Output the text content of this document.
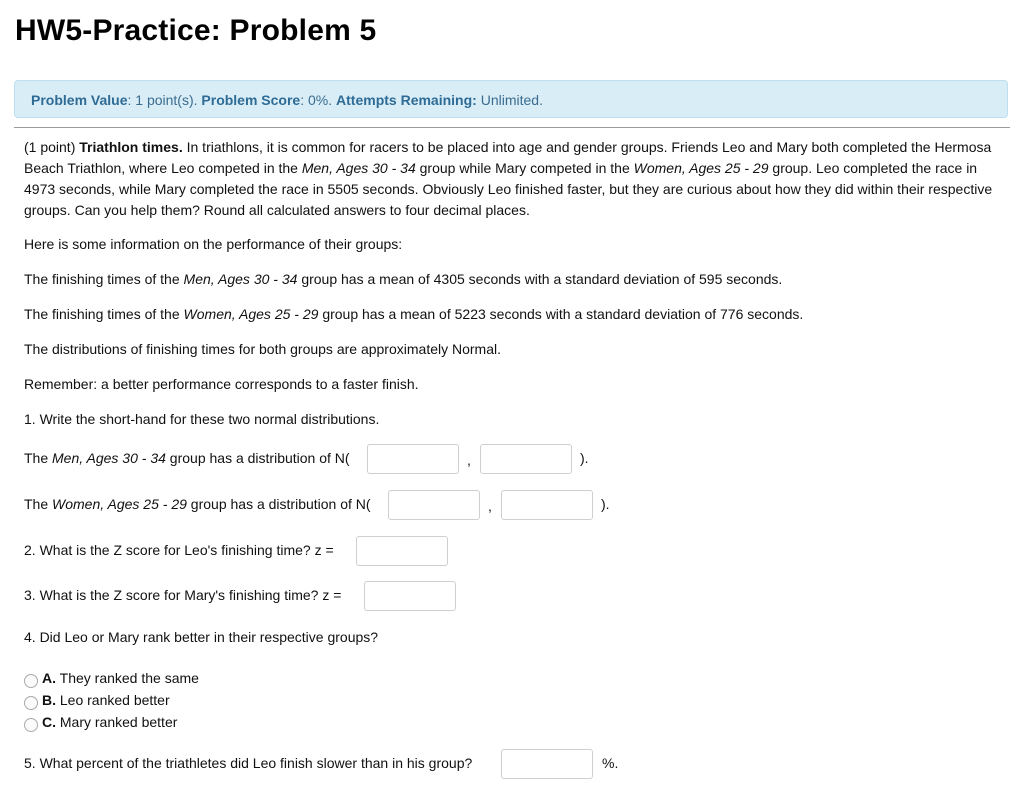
HW5-Practice: Problem 5
Problem Value: 1 point(s). Problem Score: 0%. Attempts Remaining: Unlimited.

(1 point) Triathlon times. In triathlons, it is common for racers to be placed into age and gender groups. Friends Leo and Mary both completed the Hermosa Beach Triathlon, where Leo competed in the Men, Ages 30 - 34 group while Mary competed in the Women, Ages 25 - 29 group. Leo completed the race in 4973 seconds, while Mary completed the race in 5505 seconds. Obviously Leo finished faster, but they are curious about how they did within their respective groups. Can you help them? Round all calculated answers to four decimal places.

Here is some information on the performance of their groups:

The finishing times of the Men, Ages 30 - 34 group has a mean of 4305 seconds with a standard deviation of 595 seconds.

The finishing times of the Women, Ages 25 - 29 group has a mean of 5223 seconds with a standard deviation of 776 seconds.

The distributions of finishing times for both groups are approximately Normal.

Remember: a better performance corresponds to a faster finish.

1. Write the short-hand for these two normal distributions.

The Men, Ages 30 - 34 group has a distribution of N(	,	).

The Women, Ages 25 - 29 group has a distribution of N(	,	).

2. What is the Z score for Leo's finishing time? z =

3. What is the Z score for Mary's finishing time? z =

4. Did Leo or Mary rank better in their respective groups?

A. They ranked the same
B. Leo ranked better
C. Mary ranked better

5. What percent of the triathletes did Leo finish slower than in his group?	%.
